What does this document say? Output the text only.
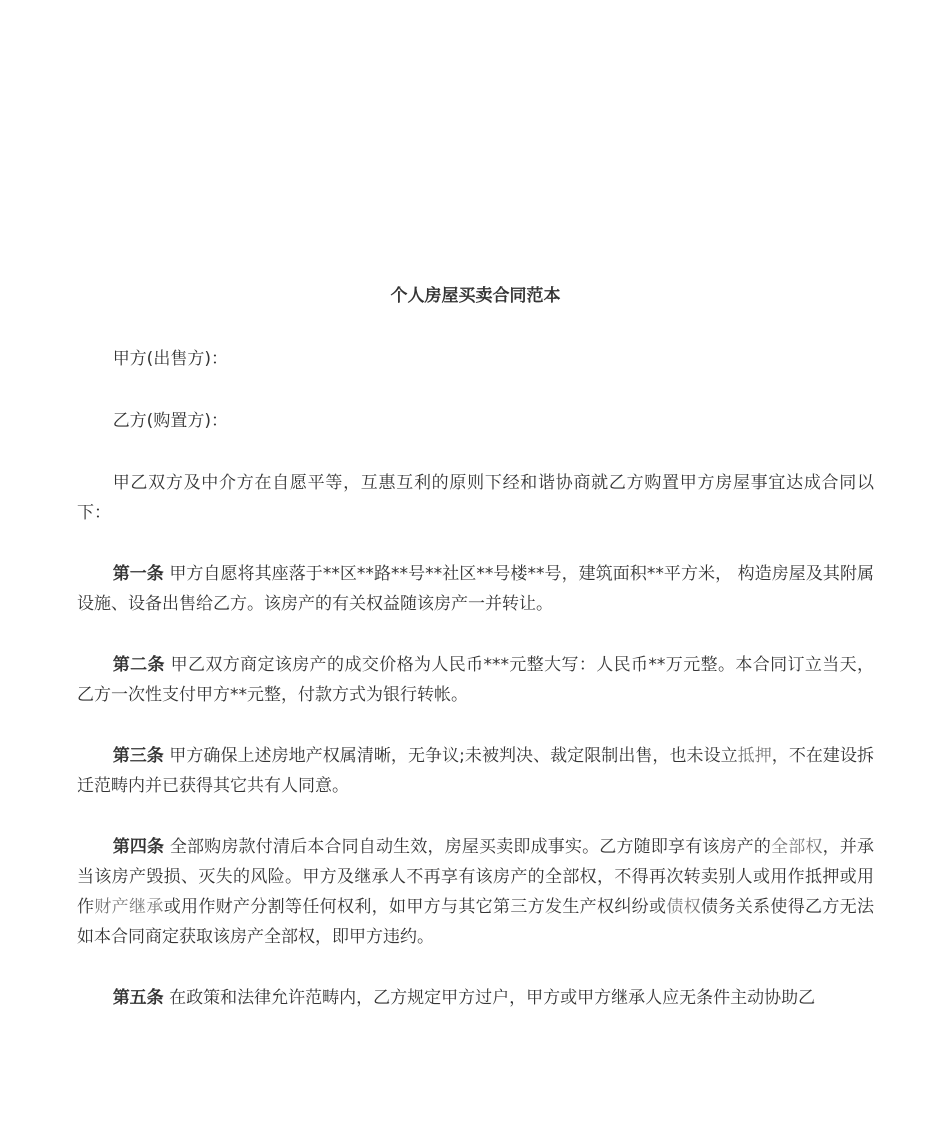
个人房屋买卖合同范本

甲方(出售方)：

乙方(购置方)：

甲乙双方及中介方在自愿平等，互惠互利的原则下经和谐协商就乙方购置甲方房屋事宜达成合同以下：

第一条 甲方自愿将其座落于**区**路**号**社区**号楼**号，建筑面积**平方米， 构造房屋及其附属设施、设备出售给乙方。该房产的有关权益随该房产一并转让。

第二条 甲乙双方商定该房产的成交价格为人民币***元整大写：人民币**万元整。本合同订立当天，乙方一次性支付甲方**元整，付款方式为银行转帐。

第三条 甲方确保上述房地产权属清晰，无争议;未被判决、裁定限制出售，也未设立抵押，不在建设拆迁范畴内并已获得其它共有人同意。

第四条 全部购房款付清后本合同自动生效，房屋买卖即成事实。乙方随即享有该房产的全部权，并承当该房产毁损、灭失的风险。甲方及继承人不再享有该房产的全部权，不得再次转卖别人或用作抵押或用作财产继承或用作财产分割等任何权利，如甲方与其它第三方发生产权纠纷或债权债务关系使得乙方无法如本合同商定获取该房产全部权，即甲方违约。

第五条 在政策和法律允许范畴内，乙方规定甲方过户，甲方或甲方继承人应无条件主动协助乙
